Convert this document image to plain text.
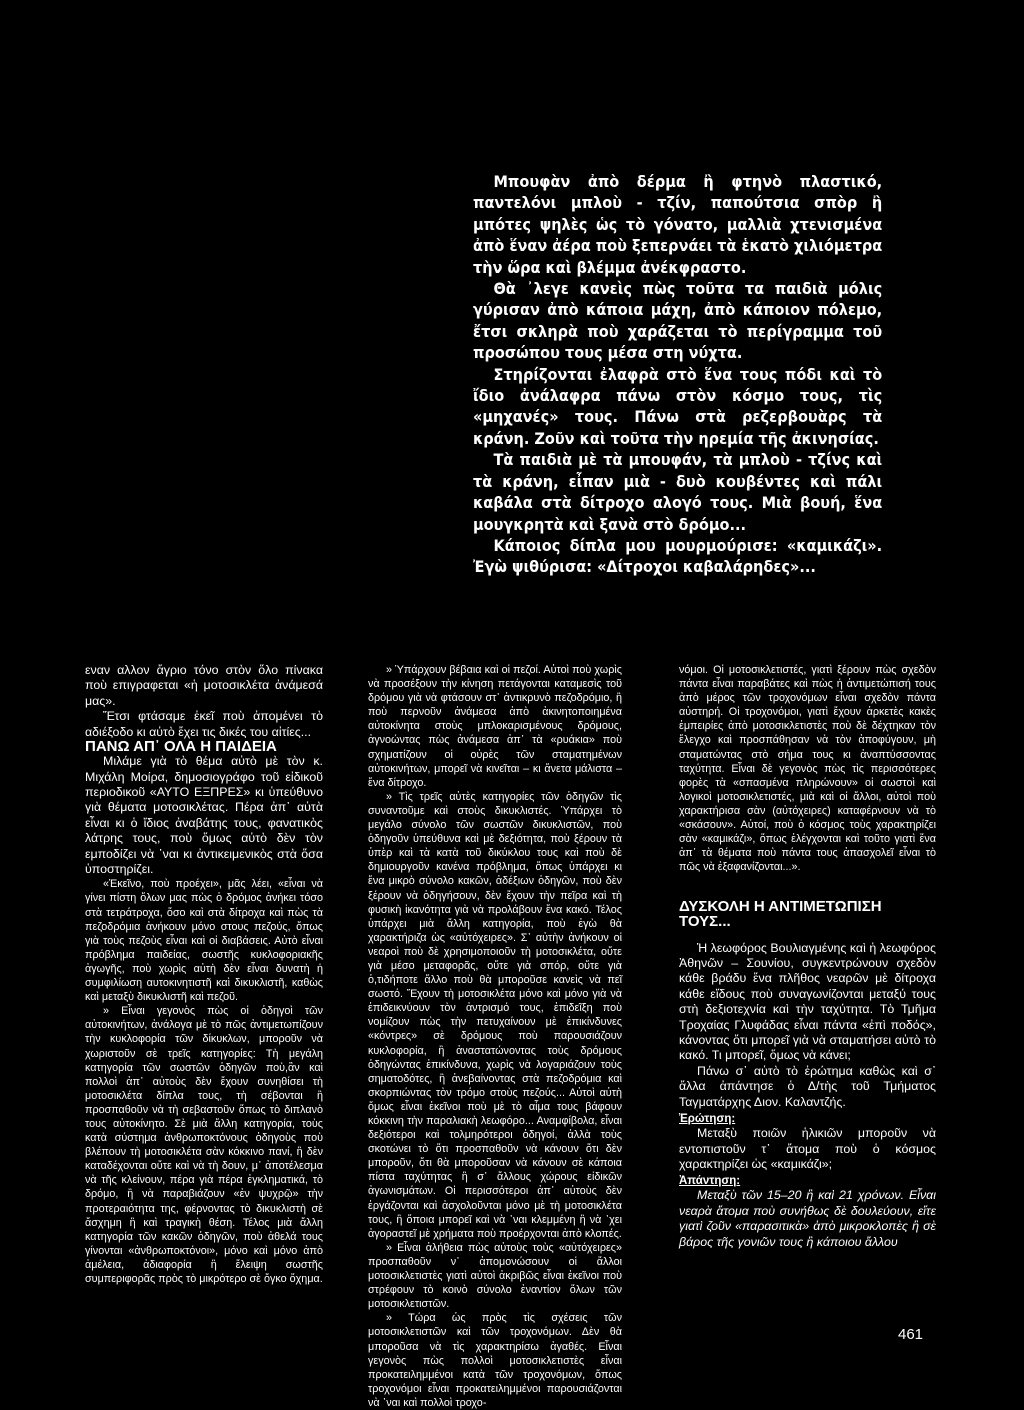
Μπουφὰν ἀπὸ δέρμα ἢ φτηνὸ πλαστικό, παντελόνι μπλοὺ - τζίν, παπούτσια σπὸρ ἢ μπότες ψηλὲς ὡς τὸ γόνατο, μαλλιὰ χτενισμένα ἀπὸ ἕναν ἀέρα ποὺ ξεπερνάει τὰ ἑκατὸ χιλιόμετρα τὴν ὥρα καὶ βλέμμα ἀνέκφραστο.

Θὰ ᾽λεγε κανεὶς πὼς τοῦτα τα παιδιὰ μόλις γύρισαν ἀπὸ κάποια μάχη, ἀπὸ κάποιον πόλεμο, ἔτσι σκληρὰ ποὺ χαράζεται τὸ περίγραμμα τοῦ προσώπου τους μέσα στη νύχτα.

Στηρίζονται ἐλαφρὰ στὸ ἕνα τους πόδι καὶ τὸ ἴδιο ἀνάλαφρα πάνω στὸν κόσμο τους, τὶς «μηχανές» τους. Πάνω στὰ ρεζερβουὰρς τὰ κράνη. Ζοῦν καὶ τοῦτα τὴν ηρεμία τῆς ἀκινησίας.

Τὰ παιδιὰ μὲ τὰ μπουφάν, τὰ μπλοὺ - τζίνς καὶ τὰ κράνη, εἶπαν μιὰ - δυὸ κουβέντες καὶ πάλι καβάλα στὰ δίτροχο αλογό τους. Μιὰ βουή, ἕνα μουγκρητὰ καὶ ξανὰ στὸ δρόμο...

Κάποιος δίπλα μου μουρμούρισε: «καμικάζι». Ἐγὼ ψιθύρισα: «Δίτροχοι καβαλάρηδες»...

εναν αλλον ἄγριο τόνο στὸν ὅλο πίνακα ποὺ επιγραφεται «ἡ μοτοσικλέτα ἀνάμεσά μας».

Ἔτσι φτάσαμε ἐκεῖ ποὺ ἀπομένει τὸ αδιέξοδο κι αὐτὸ ἔχει τις δικές του αἰτίες...

ΠΑΝΩ ΑΠ᾽ ΟΛΑ Η ΠΑΙΔΕΙΑ

Μιλάμε γιὰ τὸ θέμα αὐτὸ μὲ τὸν κ. Μιχάλη Μοίρα, δημοσιογράφο τοῦ εἰδικοῦ περιοδικοῦ «ΑΥΤΟ ΕΞΠΡΕΣ» κι ὑπεύθυνο γιὰ θέματα μοτοσικλέτας. Πέρα ἀπ᾽ αὐτὰ εἶναι κι ὁ ἴδιος ἀναβάτης τους, φανατικὸς λάτρης τους, ποὺ ὅμως αὐτὸ δὲν τὸν εμποδίζει νὰ ᾽ναι κι ἀντικειμενικὸς στὰ ὅσα ὑποστηρίζει.

«Ἐκεῖνο, ποὺ προέχει», μᾶς λέει, «εἶναι νὰ γίνει πίστη ὅλων μας πὼς ὁ δρόμος ἀνήκει τόσο στὰ τετράτροχα, ὅσο καὶ στὰ δίτροχα καὶ πὼς τὰ πεζοδρόμια ἀνήκουν μόνο στους πεζούς, ὅπως γιὰ τοὺς πεζοὺς εἶναι καὶ οἱ διαβάσεις. Αὐτὸ εἶναι πρόβλημα παιδείας, σωστῆς κυκλοφοριακῆς ἀγωγῆς, ποὺ χωρὶς αὐτὴ δὲν εἶναι δυνατὴ ἡ συμφιλίωση αυτοκινητιστῆ καὶ δικυκλιστῆ, καθὼς καὶ μεταξὺ δικυκλιστῆ καὶ πεζοῦ.

» Εἶναι γεγονὸς πὼς οἱ ὁδηγοὶ τῶν αὐτοκινήτων, ἀνάλογα μὲ τὸ πῶς ἀντιμετωπίζουν τὴν κυκλοφορία τῶν δίκυκλων, μποροῦν νὰ χωριστοῦν σὲ τρεῖς κατηγορίες: Τὴ μεγάλη κατηγορία τῶν σωστῶν ὁδηγῶν ποὺ,ἂν καὶ πολλοὶ ἀπ᾽ αὐτοὺς δὲν ἔχουν συνηθίσει τὴ μοτοσικλέτα δίπλα τους, τὴ σέβονται ἢ προσπαθοῦν νὰ τὴ σεβαστοῦν ὅπως τὸ διπλανὸ τους αὐτοκίνητο. Σὲ μιὰ ἄλλη κατηγορία, τοὺς κατὰ σύστημα ἀνθρωποκτόνους ὁδηγοὺς ποὺ βλέπουν τὴ μοτοσικλέτα σὰν κόκκινο πανί, ἢ δὲν καταδέχονται οὔτε καὶ νὰ τὴ δουν, μ᾽ ἀποτέλεσμα νὰ τῆς κλείνουν, πέρα γιὰ πέρα ἐγκληματικά, τὸ δρόμο, ἢ νὰ παραβιάζουν «ἐν ψυχρῷ» τὴν προτεραιότητα της, φέρνοντας τὸ δικυκλιστὴ σὲ ἄσχημη ἢ καὶ τραγικὴ θέση. Τέλος μιὰ ἄλλη κατηγορία τῶν κακῶν ὁδηγῶν, ποὺ ἀθελά τους γίνονται «ἀνθρωποκτόνοι», μόνο καὶ μόνο ἀπὸ ἀμέλεια, ἀδιαφορία ἢ ἔλειψη σωστῆς συμπεριφορᾶς πρὸς τὸ μικρότερο σὲ ὄγκο ὄχημα.

» Ὑπάρχουν βέβαια καὶ οἱ πεζοί. Αὐτοὶ ποὺ χωρὶς νὰ προσέξουν τὴν κίνηση πετάγονται καταμεσὶς τοῦ δρόμου γιὰ νὰ φτάσουν στ᾽ ἀντικρυνὸ πεζοδρόμιο, ἢ ποὺ περνοῦν ἀνάμεσα ἀπὸ ἀκινητοποιημένα αὐτοκίνητα στοὺς μπλοκαρισμένους δρόμους, ἀγνοώντας πὼς ἀνάμεσα ἀπ᾽ τὰ «ρυάκια» ποὺ σχηματίζουν οἱ οὐρὲς τῶν σταματημένων αὐτοκινήτων, μπορεῖ νὰ κινεῖται – κι ἄνετα μάλιστα – ἕνα δίτροχο.

» Τὶς τρεῖς αὐτὲς κατηγορίες τῶν ὁδηγῶν τὶς συναντοῦμε καὶ στοὺς δικυκλιστές. Ὑπάρχει τὸ μεγάλο σύνολο τῶν σωστῶν δικυκλιστῶν, ποὺ ὁδηγοῦν ὑπεύθυνα καὶ μὲ δεξιότητα, ποὺ ξέρουν τὰ ὑπὲρ καὶ τὰ κατὰ τοῦ δικύκλου τους καὶ ποὺ δὲ δημιουργοῦν κανένα πρόβλημα, ὅπως ὑπάρχει κι ἕνα μικρὸ σύνολο κακῶν, ἀδέξιων ὁδηγῶν, ποὺ δὲν ξέρουν νὰ ὁδηγήσουν, δὲν ἔχουν τὴν πεῖρα καὶ τὴ φυσικὴ ἱκανότητα γιὰ νὰ προλάβουν ἕνα κακό. Τέλος ὑπάρχει μιὰ ἄλλη κατηγορία, ποὺ ἐγὼ θὰ χαρακτήριζα ὡς «αὐτόχειρες». Σ᾽ αὐτὴν ἀνήκουν οἱ νεαροὶ ποὺ δὲ χρησιμοποιοῦν τὴ μοτοσικλέτα, οὔτε γιὰ μέσο μεταφορᾶς, οὔτε γιὰ σπόρ, οὔτε γιὰ ὁ,τιδήποτε ἄλλο ποὺ θὰ μποροῦσε κανεὶς νὰ πεῖ σωστό. Ἔχουν τὴ μοτοσικλέτα μόνο καὶ μόνο γιὰ νὰ ἐπιδεικνύουν τὸν ἀντρισμό τους, ἐπιδεῖξη ποὺ νομίζουν πὼς τὴν πετυχαίνουν μὲ ἐπικίνδυνες «κόντρες» σὲ δρόμους ποὺ παρουσιάζουν κυκλοφορία, ἢ ἀναστατώνοντας τοὺς δρόμους ὁδηγώντας ἐπικίνδυνα, χωρὶς νὰ λογαριάζουν τοὺς σηματοδότες, ἢ ἀνεβαίνοντας στὰ πεζοδρόμια καὶ σκορπιώντας τὸν τρόμο στοὺς πεζούς... Αὐτοὶ αὐτὴ ὅμως εἶναι ἐκεῖνοι ποὺ μὲ τὸ αἷμα τους βάφουν κόκκινη τὴν παραλιακὴ λεωφόρο... Αναμφίβολα, εἶναι δεξιότεροι καὶ τολμηρότεροι ὁδηγοί, ἀλλὰ τοὺς σκοτώνει τὸ ὅτι προσπαθοῦν νὰ κάνουν ὅτι δὲν μποροῦν, ὅτι θὰ μποροῦσαν νὰ κάνουν σὲ κάποια πίστα ταχύτητας ἢ σ᾽ ἄλλους χώρους εἰδικῶν ἀγωνισμάτων. Οἱ περισσότεροι ἀπ᾽ αὐτοὺς δὲν ἐργάζονται καὶ ἀσχολοῦνται μόνο μὲ τὴ μοτοσικλέτα τους, ἢ ὅποια μπορεῖ καὶ νὰ ᾽ναι κλεμμένη ἢ νὰ ᾽χει ἀγοραστεῖ μὲ χρήματα ποὺ προέρχονται ἀπὸ κλοπές.

» Εἶναι ἀλήθεια πὼς αὐτοὺς τοὺς «αὐτόχειρες» προσπαθοῦν ν᾽ ἀπομονώσουν οἱ ἄλλοι μοτοσικλετιστὲς γιατὶ αὐτοὶ ἀκριβῶς εἶναι ἐκεῖνοι ποὺ στρέφουν τὸ κοινὸ σύνολο ἐναντίον ὅλων τῶν μοτοσικλετιστῶν.

» Τώρα ὡς πρὸς τὶς σχέσεις τῶν μοτοσικλετιστῶν καὶ τῶν τροχονόμων. Δὲν θὰ μποροῦσα νὰ τὶς χαρακτηρίσω ἀγαθές. Εἶναι γεγονὸς πὼς πολλοὶ μοτοσικλετιστὲς εἶναι προκατειλημμένοι κατὰ τῶν τροχονόμων, ὅπως τροχονόμοι εἶναι προκατειλημμένοι παρουσιάζονται νὰ ᾽ναι καὶ πολλοὶ τροχο-

νόμοι. Οἱ μοτοσικλετιστές, γιατὶ ξέρουν πὼς σχεδὸν πάντα εἶναι παραβάτες καὶ πὼς ἡ ἀντιμετώπισή τους ἀπὸ μέρος τῶν τροχονόμων εἶναι σχεδὸν πάντα αὐστηρή. Οἱ τροχονόμοι, γιατὶ ἔχουν ἀρκετὲς κακὲς ἐμπειρίες ἀπὸ μοτοσικλετιστὲς ποὺ δὲ δέχτηκαν τὸν ἔλεγχο καὶ προσπάθησαν νὰ τὸν ἀποφύγουν, μὴ σταματώντας στὸ σήμα τους κι ἀναπτύσσοντας ταχύτητα. Εἶναι δὲ γεγονὸς πὼς τὶς περισσότερες φορὲς τὰ «σπασμένα πληρώνουν» οἱ σωστοὶ καὶ λογικοὶ μοτοσικλετιστές, μιὰ καὶ οἱ ἄλλοι, αὐτοὶ ποὺ χαρακτήρισα σὰν (αὐτόχειρες) καταφέρνουν νὰ τὸ «σκάσουν». Αὐτοί, ποὺ ὁ κόσμος τοὺς χαρακτηρίζει σὰν «καμικάζι», ὅπως ἐλέγχονται καὶ τοῦτο γιατὶ ἕνα ἀπ᾽ τὰ θέματα ποὺ πάντα τους ἀπασχολεῖ εἶναι τὸ πῶς νὰ ἐξαφανίζονται...».

ΔΥΣΚΟΛΗ Η ΑΝΤΙΜΕΤΩΠΙΣΗ ΤΟΥΣ...

Ἡ λεωφόρος Βουλιαγμένης καὶ ἡ λεωφόρος Ἀθηνῶν – Σουνίου, συγκεντρώνουν σχεδὸν κάθε βράδυ ἕνα πλῆθος νεαρῶν μὲ δίτροχα κάθε εἴδους ποὺ συναγωνίζονται μεταξύ τους στὴ δεξιοτεχνία καὶ τὴν ταχύτητα. Τὸ Τμῆμα Τροχαίας Γλυφάδας εἶναι πάντα «ἐπὶ ποδός», κάνοντας ὅτι μπορεῖ γιὰ νὰ σταματήσει αὐτὸ τὸ κακό. Τι μπορεῖ, ὅμως νὰ κάνει;

Πάνω σ᾽ αὐτὸ τὸ ἐρώτημα καθὼς καὶ σ᾽ ἄλλα ἀπάντησε ὁ Δ/τὴς τοῦ Τμήματος Ταγματάρχης Διον. Καλαντζής.

Ἐρώτηση:

Μεταξὺ ποιῶν ἡλικιῶν μποροῦν νὰ εντοπιστοῦν τ᾽ ἄτομα ποὺ ὁ κόσμος χαρακτηρίζει ὡς «καμικάζι»;

Ἀπάντηση:

Μεταξὺ τῶν 15–20 ἢ καὶ 21 χρόνων. Εἶναι νεαρὰ ἄτομα ποὺ συνήθως δὲ δουλεύουν, εἴτε γιατὶ ζοῦν «παρασιτικὰ» ἀπὸ μικροκλοπὲς ἢ σὲ βάρος τῆς γονιῶν τους ἢ κάποιου ἄλλου

461
